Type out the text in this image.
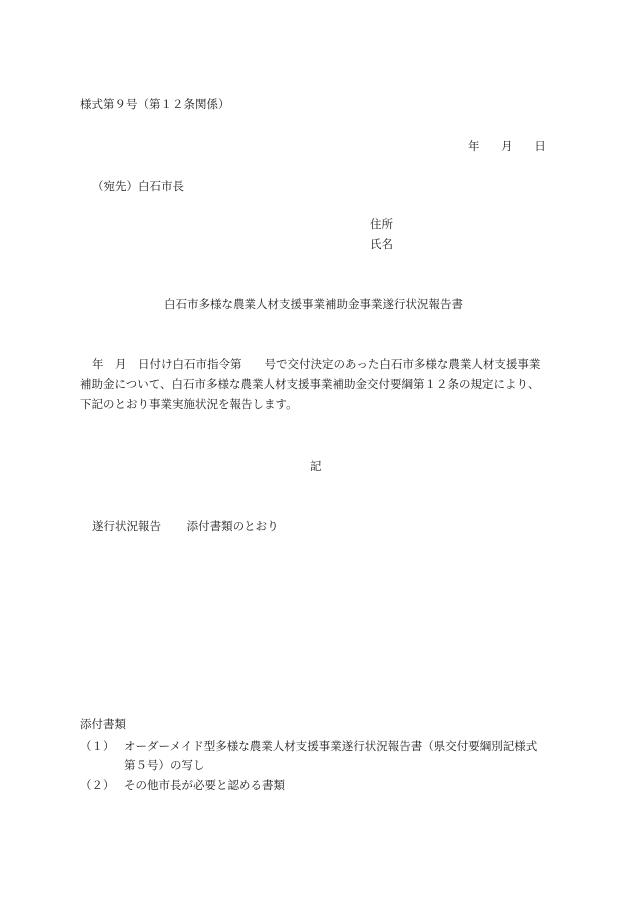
様式第９号（第１２条関係）
年 月 日
（宛先）白石市長
住所
氏名
白石市多様な農業人材支援事業補助金事業遂行状況報告書
年　月　日付け白石市指令第　　号で交付決定のあった白石市多様な農業人材支援事業
補助金について、白石市多様な農業人材支援事業補助金交付要綱第１２条の規定により、
下記のとおり事業実施状況を報告します。
記
遂行状況報告 添付書類のとおり
添付書類
（１） オーダーメイド型多様な農業人材支援事業遂行状況報告書（県交付要綱別記様式
第５号）の写し
（２） その他市長が必要と認める書類
